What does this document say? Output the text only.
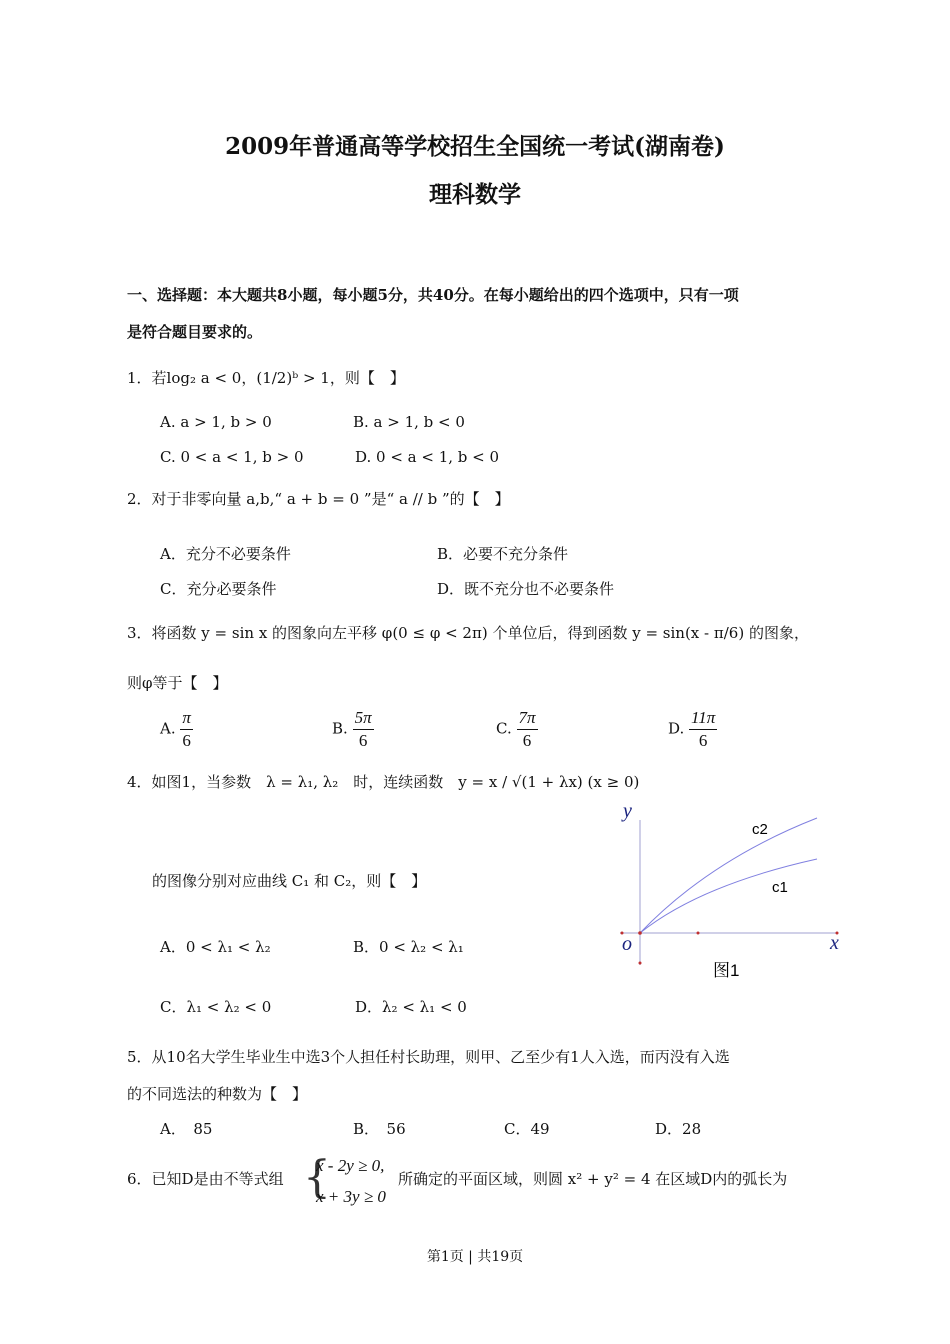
2009年普通高等学校招生全国统一考试(湖南卷)
理科数学
一、选择题：本大题共8小题，每小题5分，共40分。在每小题给出的四个选项中，只有一项
是符合题目要求的。
1．若log₂ a < 0，(1/2)ᵇ > 1，则【　】
A. a > 1, b > 0	B. a > 1, b < 0
C. 0 < a < 1, b > 0	D. 0 < a < 1, b < 0
2．对于非零向量 a,b,“ a + b = 0 ”是“ a // b ”的【　】
A．充分不必要条件	B．必要不充分条件
C．充分必要条件	D．既不充分也不必要条件
3．将函数 y = sin x 的图象向左平移 φ(0 ≤ φ < 2π) 个单位后，得到函数 y = sin(x - π/6) 的图象，
则φ等于【　】
A. $\frac{\pi}{6}$	B. $\frac{5\pi}{6}$	C. $\frac{7\pi}{6}$	D. $\frac{11\pi}{6}$
4．如图1，当参数　λ = λ₁, λ₂　时，连续函数　y = x / √(1 + λx) (x ≥ 0)
的图像分别对应曲线 C₁ 和 C₂，则【　】
A．0 < λ₁ < λ₂	B．0 < λ₂ < λ₁
C．λ₁ < λ₂ < 0	D．λ₂ < λ₁ < 0
y
x
o
c2
c1
图1
5．从10名大学生毕业生中选3个人担任村长助理，则甲、乙至少有1人入选，而丙没有入选
的不同选法的种数为【　】
A．　85	B．　56	C．49	D．28
6．已知D是由不等式组 {
x - 2y ≥ 0,
x + 3y ≥ 0
所确定的平面区域，则圆 x² + y² = 4 在区域D内的弧长为
第1页 | 共19页
